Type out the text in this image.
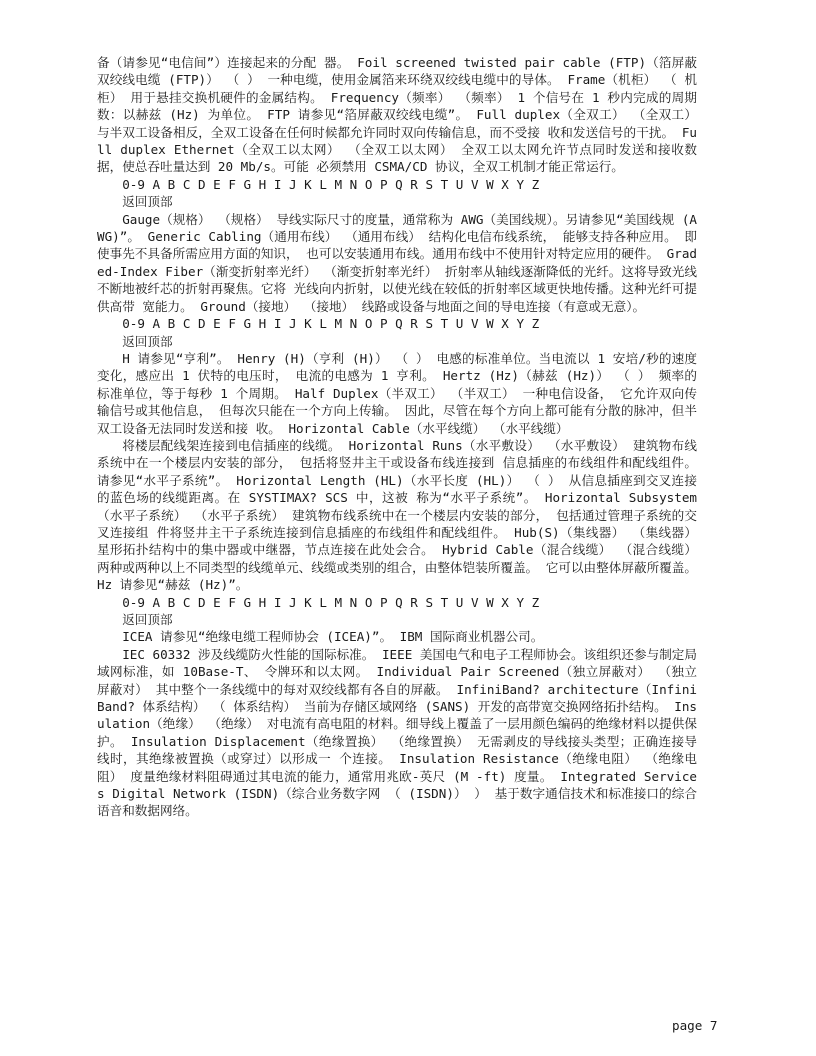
备（请参见“电信间”）连接起来的分配 器。 Foil screened twisted pair cable (FTP)（箔屏蔽双绞线电缆 (FTP)） （ ） 一种电缆，使用金属箔来环绕双绞线电缆中的导体。 Frame（机柜） （ 机柜） 用于悬挂交换机硬件的金属结构。 Frequency（频率） （频率） 1 个信号在 1 秒内完成的周期数：以赫兹 (Hz) 为单位。 FTP 请参见“箔屏蔽双绞线电缆”。 Full duplex（全双工） （全双工） 与半双工设备相反，全双工设备在任何时候都允许同时双向传输信息，而不受接 收和发送信号的干扰。 Full duplex Ethernet（全双工以太网） （全双工以太网） 全双工以太网允许节点同时发送和接收数据，使总吞吐量达到 20 Mb/s。可能 必须禁用 CSMA/CD 协议，全双工机制才能正常运行。

0-9 A B C D E F G H I J K L M N O P Q R S T U V W X Y Z

返回顶部

Gauge（规格） （规格） 导线实际尺寸的度量，通常称为 AWG（美国线规）。另请参见“美国线规 (AWG)”。 Generic Cabling（通用布线） （通用布线） 结构化电信布线系统， 能够支持各种应用。 即使事先不具备所需应用方面的知识， 也可以安装通用布线。通用布线中不使用针对特定应用的硬件。 Graded-Index Fiber（渐变折射率光纤） （渐变折射率光纤） 折射率从轴线逐渐降低的光纤。这将导致光线不断地被纤芯的折射再聚焦。它将 光线向内折射，以使光线在较低的折射率区域更快地传播。这种光纤可提供高带 宽能力。 Ground（接地） （接地） 线路或设备与地面之间的导电连接（有意或无意）。

0-9 A B C D E F G H I J K L M N O P Q R S T U V W X Y Z

返回顶部

H 请参见“亨利”。 Henry (H)（亨利 (H)） （ ） 电感的标准单位。当电流以 1 安培/秒的速度变化，感应出 1 伏特的电压时， 电流的电感为 1 亨利。 Hertz (Hz)（赫兹 (Hz)） （ ） 频率的标准单位，等于每秒 1 个周期。 Half Duplex（半双工） （半双工） 一种电信设备， 它允许双向传输信号或其他信息， 但每次只能在一个方向上传输。 因此，尽管在每个方向上都可能有分散的脉冲，但半双工设备无法同时发送和接 收。 Horizontal Cable（水平线缆） （水平线缆）

将楼层配线架连接到电信插座的线缆。 Horizontal Runs（水平敷设） （水平敷设） 建筑物布线系统中在一个楼层内安装的部分， 包括将竖井主干或设备布线连接到 信息插座的布线组件和配线组件。 请参见“水平子系统”。 Horizontal Length (HL)（水平长度 (HL)） （ ） 从信息插座到交叉连接的蓝色场的线缆距离。在 SYSTIMAX? SCS 中，这被 称为“水平子系统”。 Horizontal Subsystem（水平子系统） （水平子系统） 建筑物布线系统中在一个楼层内安装的部分， 包括通过管理子系统的交叉连接组 件将竖井主干子系统连接到信息插座的布线组件和配线组件。 Hub(S)（集线器） （集线器） 星形拓扑结构中的集中器或中继器，节点连接在此处会合。 Hybrid Cable（混合线缆） （混合线缆） 两种或两种以上不同类型的线缆单元、线缆或类别的组合，由整体铠装所覆盖。 它可以由整体屏蔽所覆盖。 Hz 请参见“赫兹 (Hz)”。

0-9 A B C D E F G H I J K L M N O P Q R S T U V W X Y Z

返回顶部

ICEA 请参见“绝缘电缆工程师协会 (ICEA)”。 IBM 国际商业机器公司。

IEC 60332 涉及线缆防火性能的国际标准。 IEEE 美国电气和电子工程师协会。该组织还参与制定局域网标准，如 10Base-T、 令牌环和以太网。 Individual Pair Screened（独立屏蔽对） （独立屏蔽对） 其中整个一条线缆中的每对双绞线都有各自的屏蔽。 InfiniBand? architecture（InfiniBand? 体系结构） （ 体系结构） 当前为存储区域网络 (SANS) 开发的高带宽交换网络拓扑结构。 Insulation（绝缘） （绝缘） 对电流有高电阻的材料。细导线上覆盖了一层用颜色编码的绝缘材料以提供保 护。 Insulation Displacement（绝缘置换） （绝缘置换） 无需剥皮的导线接头类型；正确连接导线时，其绝缘被置换（或穿过）以形成一 个连接。 Insulation Resistance（绝缘电阻） （绝缘电阻） 度量绝缘材料阻碍通过其电流的能力，通常用兆欧-英尺 (M -ft) 度量。 Integrated Services Digital Network (ISDN)（综合业务数字网 （ (ISDN)） ） 基于数字通信技术和标准接口的综合语音和数据网络。

page 7
